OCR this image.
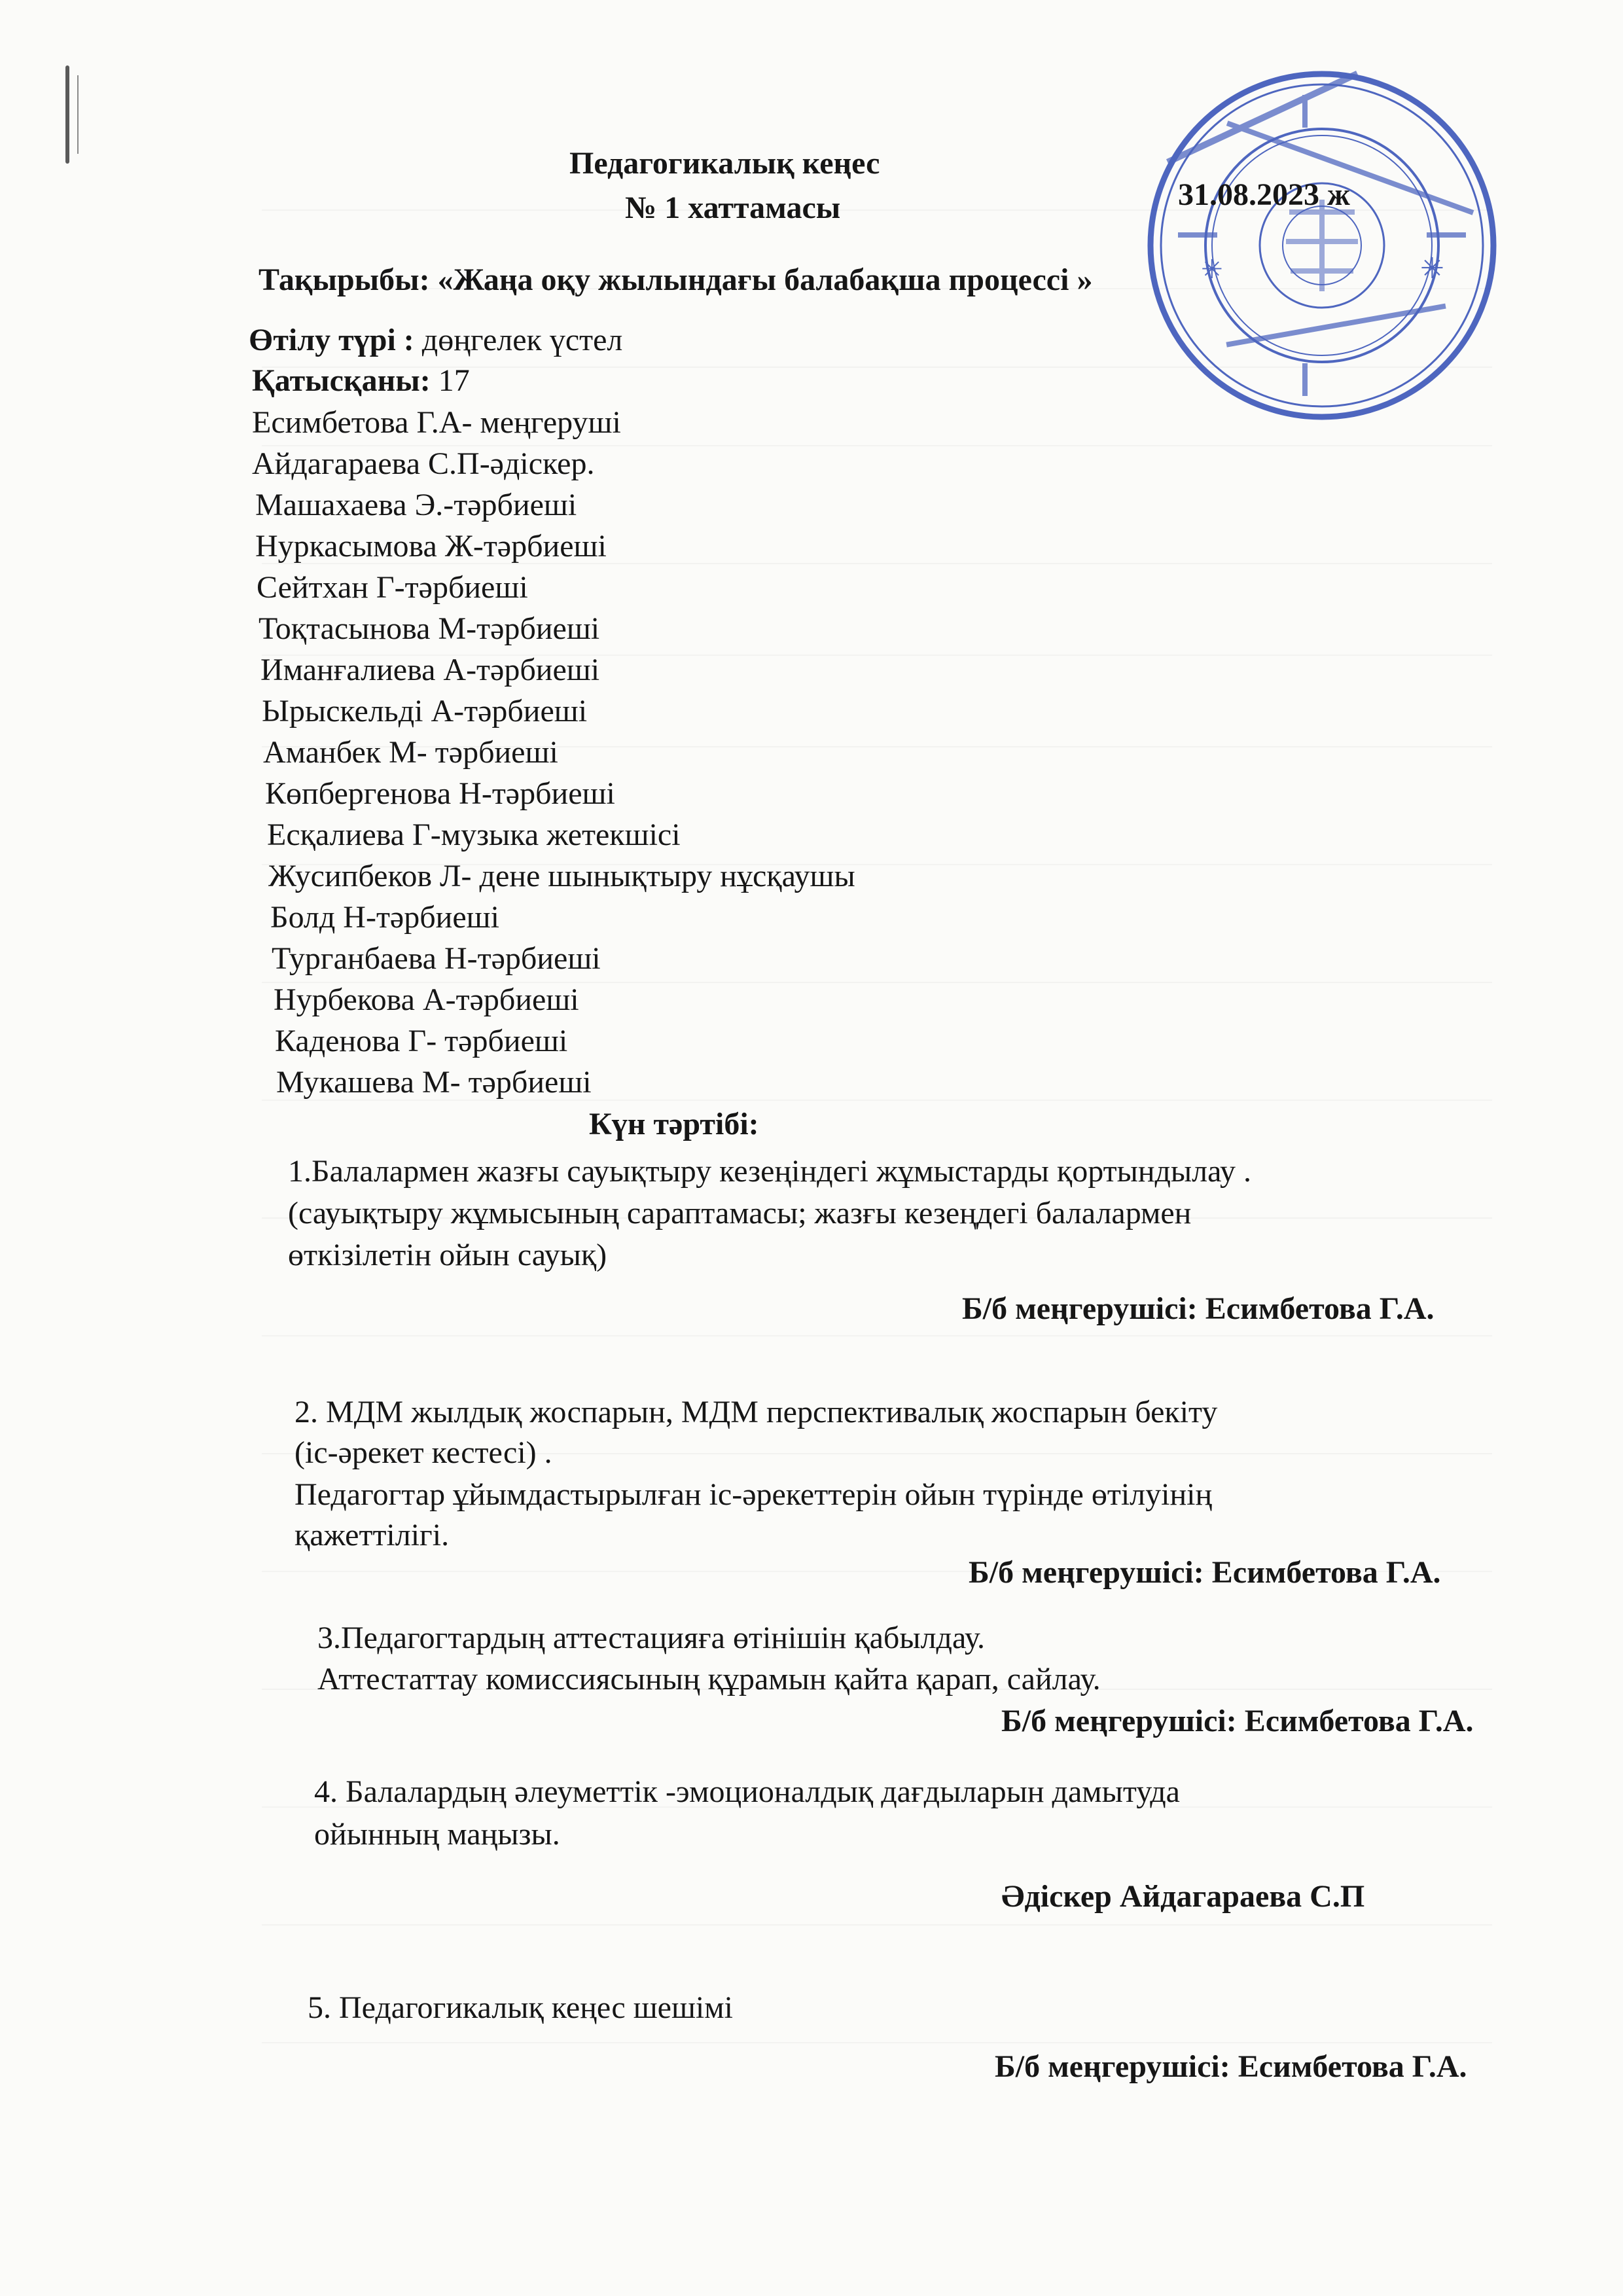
✳
✳
Педагогикалық кеңес
№ 1 хаттамасы	31.08.2023 ж
Тақырыбы: «Жаңа оқу жылындағы балабақша процессі »
Өтілу түрі : дөңгелек үстел
Қатысқаны: 17
Есимбетова Г.А- меңгеруші
Айдагараева С.П-әдіскер.
Машахаева Э.-тәрбиеші
Нуркасымова Ж-тәрбиеші
Сейтхан Г-тәрбиеші
Тоқтасынова М-тәрбиеші
Иманғалиева А-тәрбиеші
Ырыскельді А-тәрбиеші
Аманбек М- тәрбиеші
Көпбергенова Н-тәрбиеші
Есқалиева Г-музыка жетекшісі
Жусипбеков Л- дене шынықтыру нұсқаушы
Болд Н-тәрбиеші
Турганбаева Н-тәрбиеші
Нурбекова А-тәрбиеші
Каденова Г- тәрбиеші
Мукашева М- тәрбиеші
Күн тәртібі:
1.Балалармен жазғы сауықтыру кезеңіндегі жұмыстарды қортындылау .
(сауықтыру жұмысының сараптамасы; жазғы кезеңдегі балалармен
өткізілетін ойын сауық)
Б/б меңгерушісі: Есимбетова Г.А.
2. МДМ жылдық жоспарын, МДМ перспективалық жоспарын бекіту
(іс-әрекет кестесі) .
Педагогтар ұйымдастырылған іс-әрекеттерін ойын түрінде өтілуінің
қажеттілігі.
Б/б меңгерушісі: Есимбетова Г.А.
3.Педагогтардың аттестацияға өтінішін қабылдау.
Аттестаттау комиссиясының құрамын қайта қарап, сайлау.
Б/б меңгерушісі: Есимбетова Г.А.
4. Балалардың әлеуметтік -эмоционалдық дағдыларын дамытуда
ойынның маңызы.
Әдіскер Айдагараева С.П
5. Педагогикалық кеңес шешімі
Б/б меңгерушісі: Есимбетова Г.А.
